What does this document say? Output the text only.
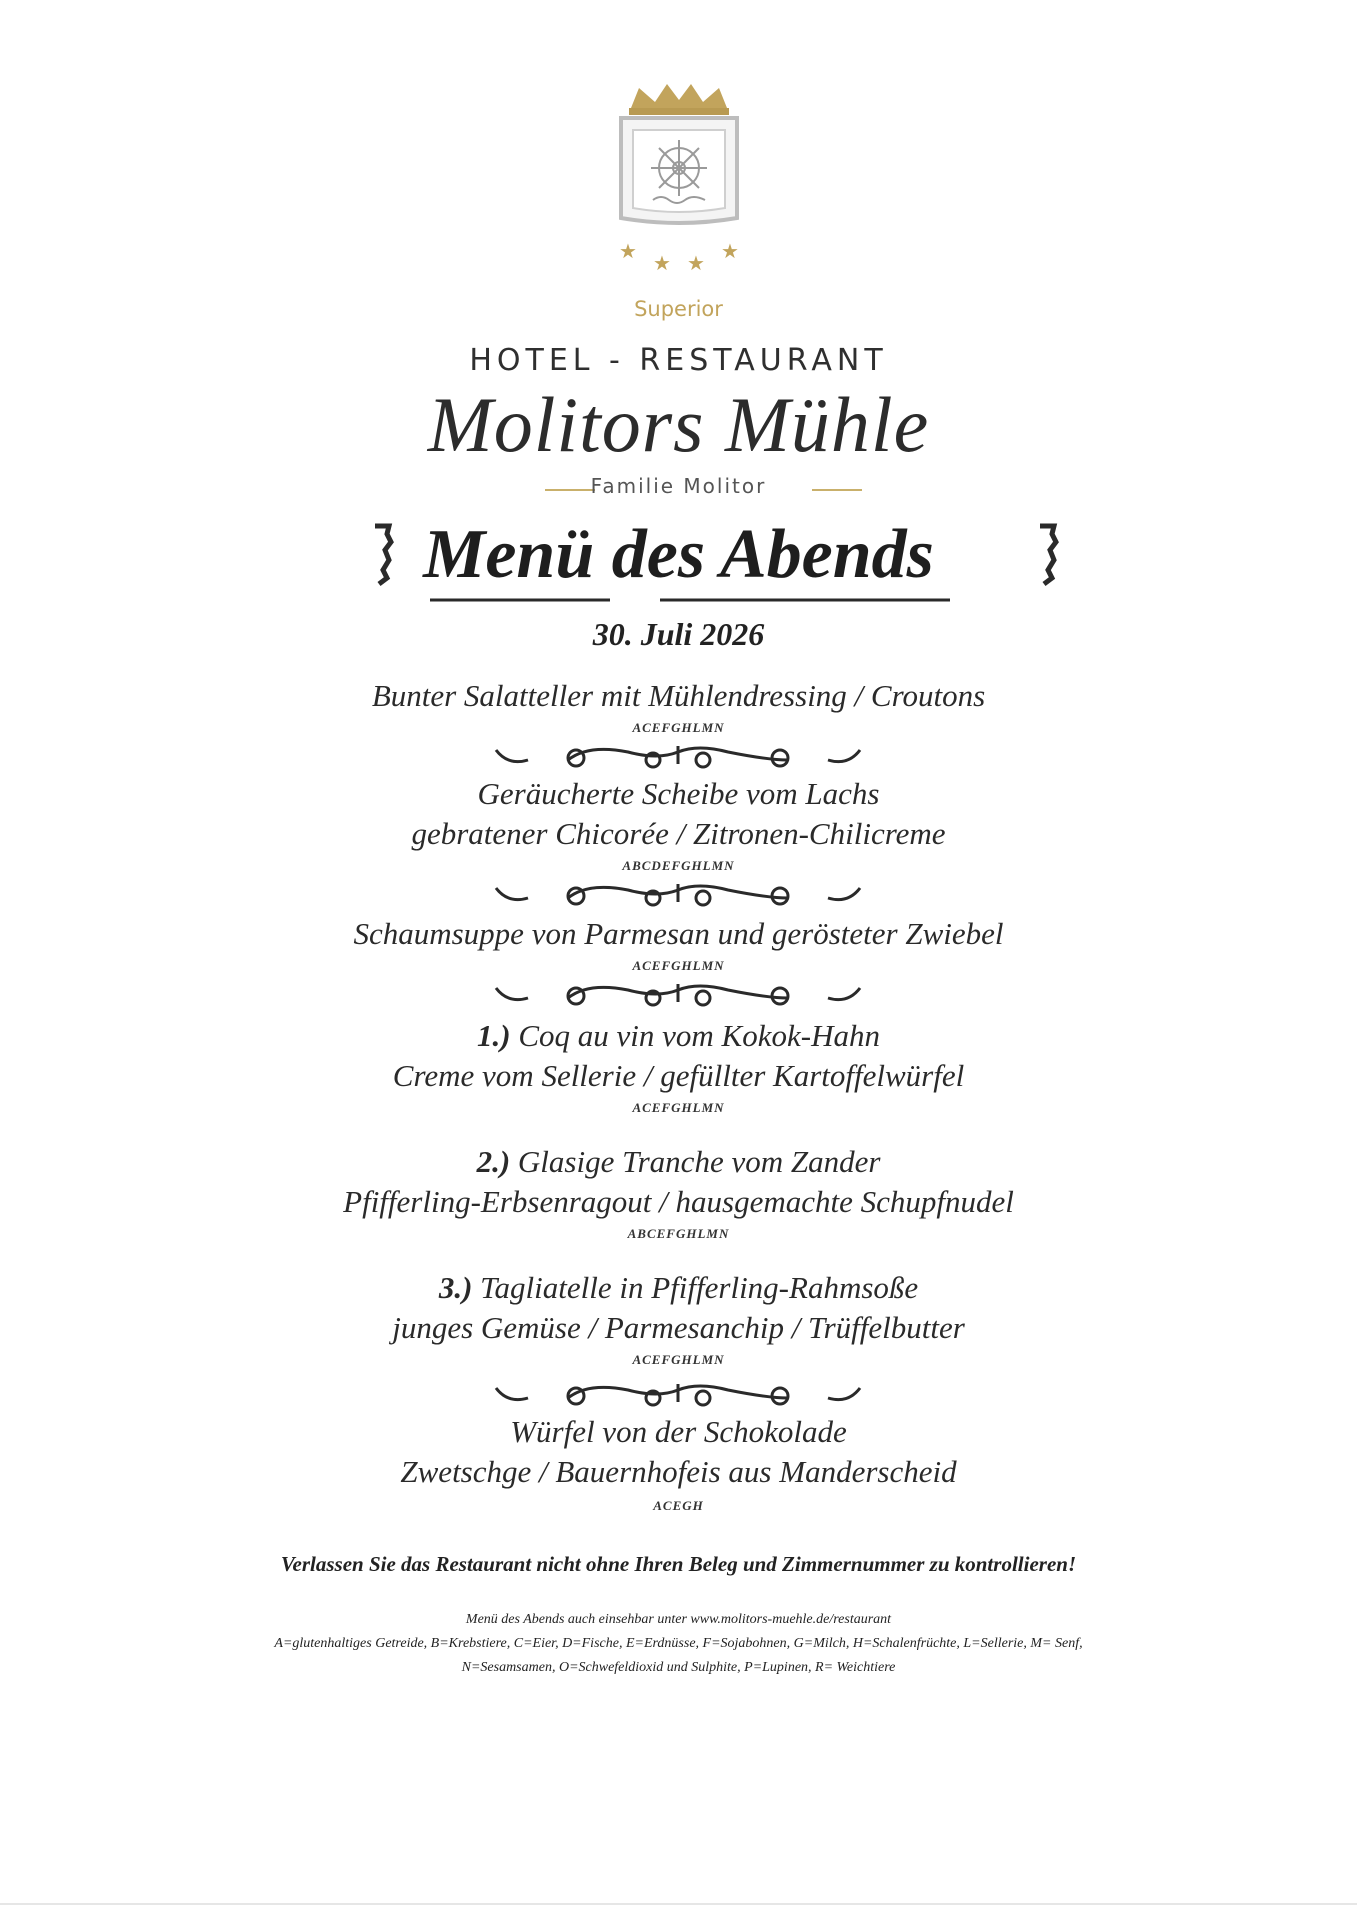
★ ★ ★ ★
Superior
HOTEL - RESTAURANT
Molitors Mühle
Familie Molitor
Menü des Abends
30. Juli 2026
Bunter Salatteller mit Mühlendressing / Croutons
ACEFGHLMN
Geräucherte Scheibe vom Lachs
gebratener Chicorée / Zitronen-Chilicreme
ABCDEFGHLMN
Schaumsuppe von Parmesan und gerösteter Zwiebel
ACEFGHLMN
1.) Coq au vin vom Kokok-Hahn
Creme vom Sellerie / gefüllter Kartoffelwürfel
ACEFGHLMN
2.) Glasige Tranche vom Zander
Pfifferling-Erbsenragout / hausgemachte Schupfnudel
ABCEFGHLMN
3.) Tagliatelle in Pfifferling-Rahmsoße
junges Gemüse / Parmesanchip / Trüffelbutter
ACEFGHLMN
Würfel von der Schokolade
Zwetschge / Bauernhofeis aus Manderscheid
ACEGH
Verlassen Sie das Restaurant nicht ohne Ihren Beleg und Zimmernummer zu kontrollieren!
Menü des Abends auch einsehbar unter www.molitors-muehle.de/restaurant
A=glutenhaltiges Getreide, B=Krebstiere, C=Eier, D=Fische, E=Erdnüsse, F=Sojabohnen, G=Milch, H=Schalenfrüchte, L=Sellerie, M= Senf,
N=Sesamsamen, O=Schwefeldioxid und Sulphite, P=Lupinen, R= Weichtiere
